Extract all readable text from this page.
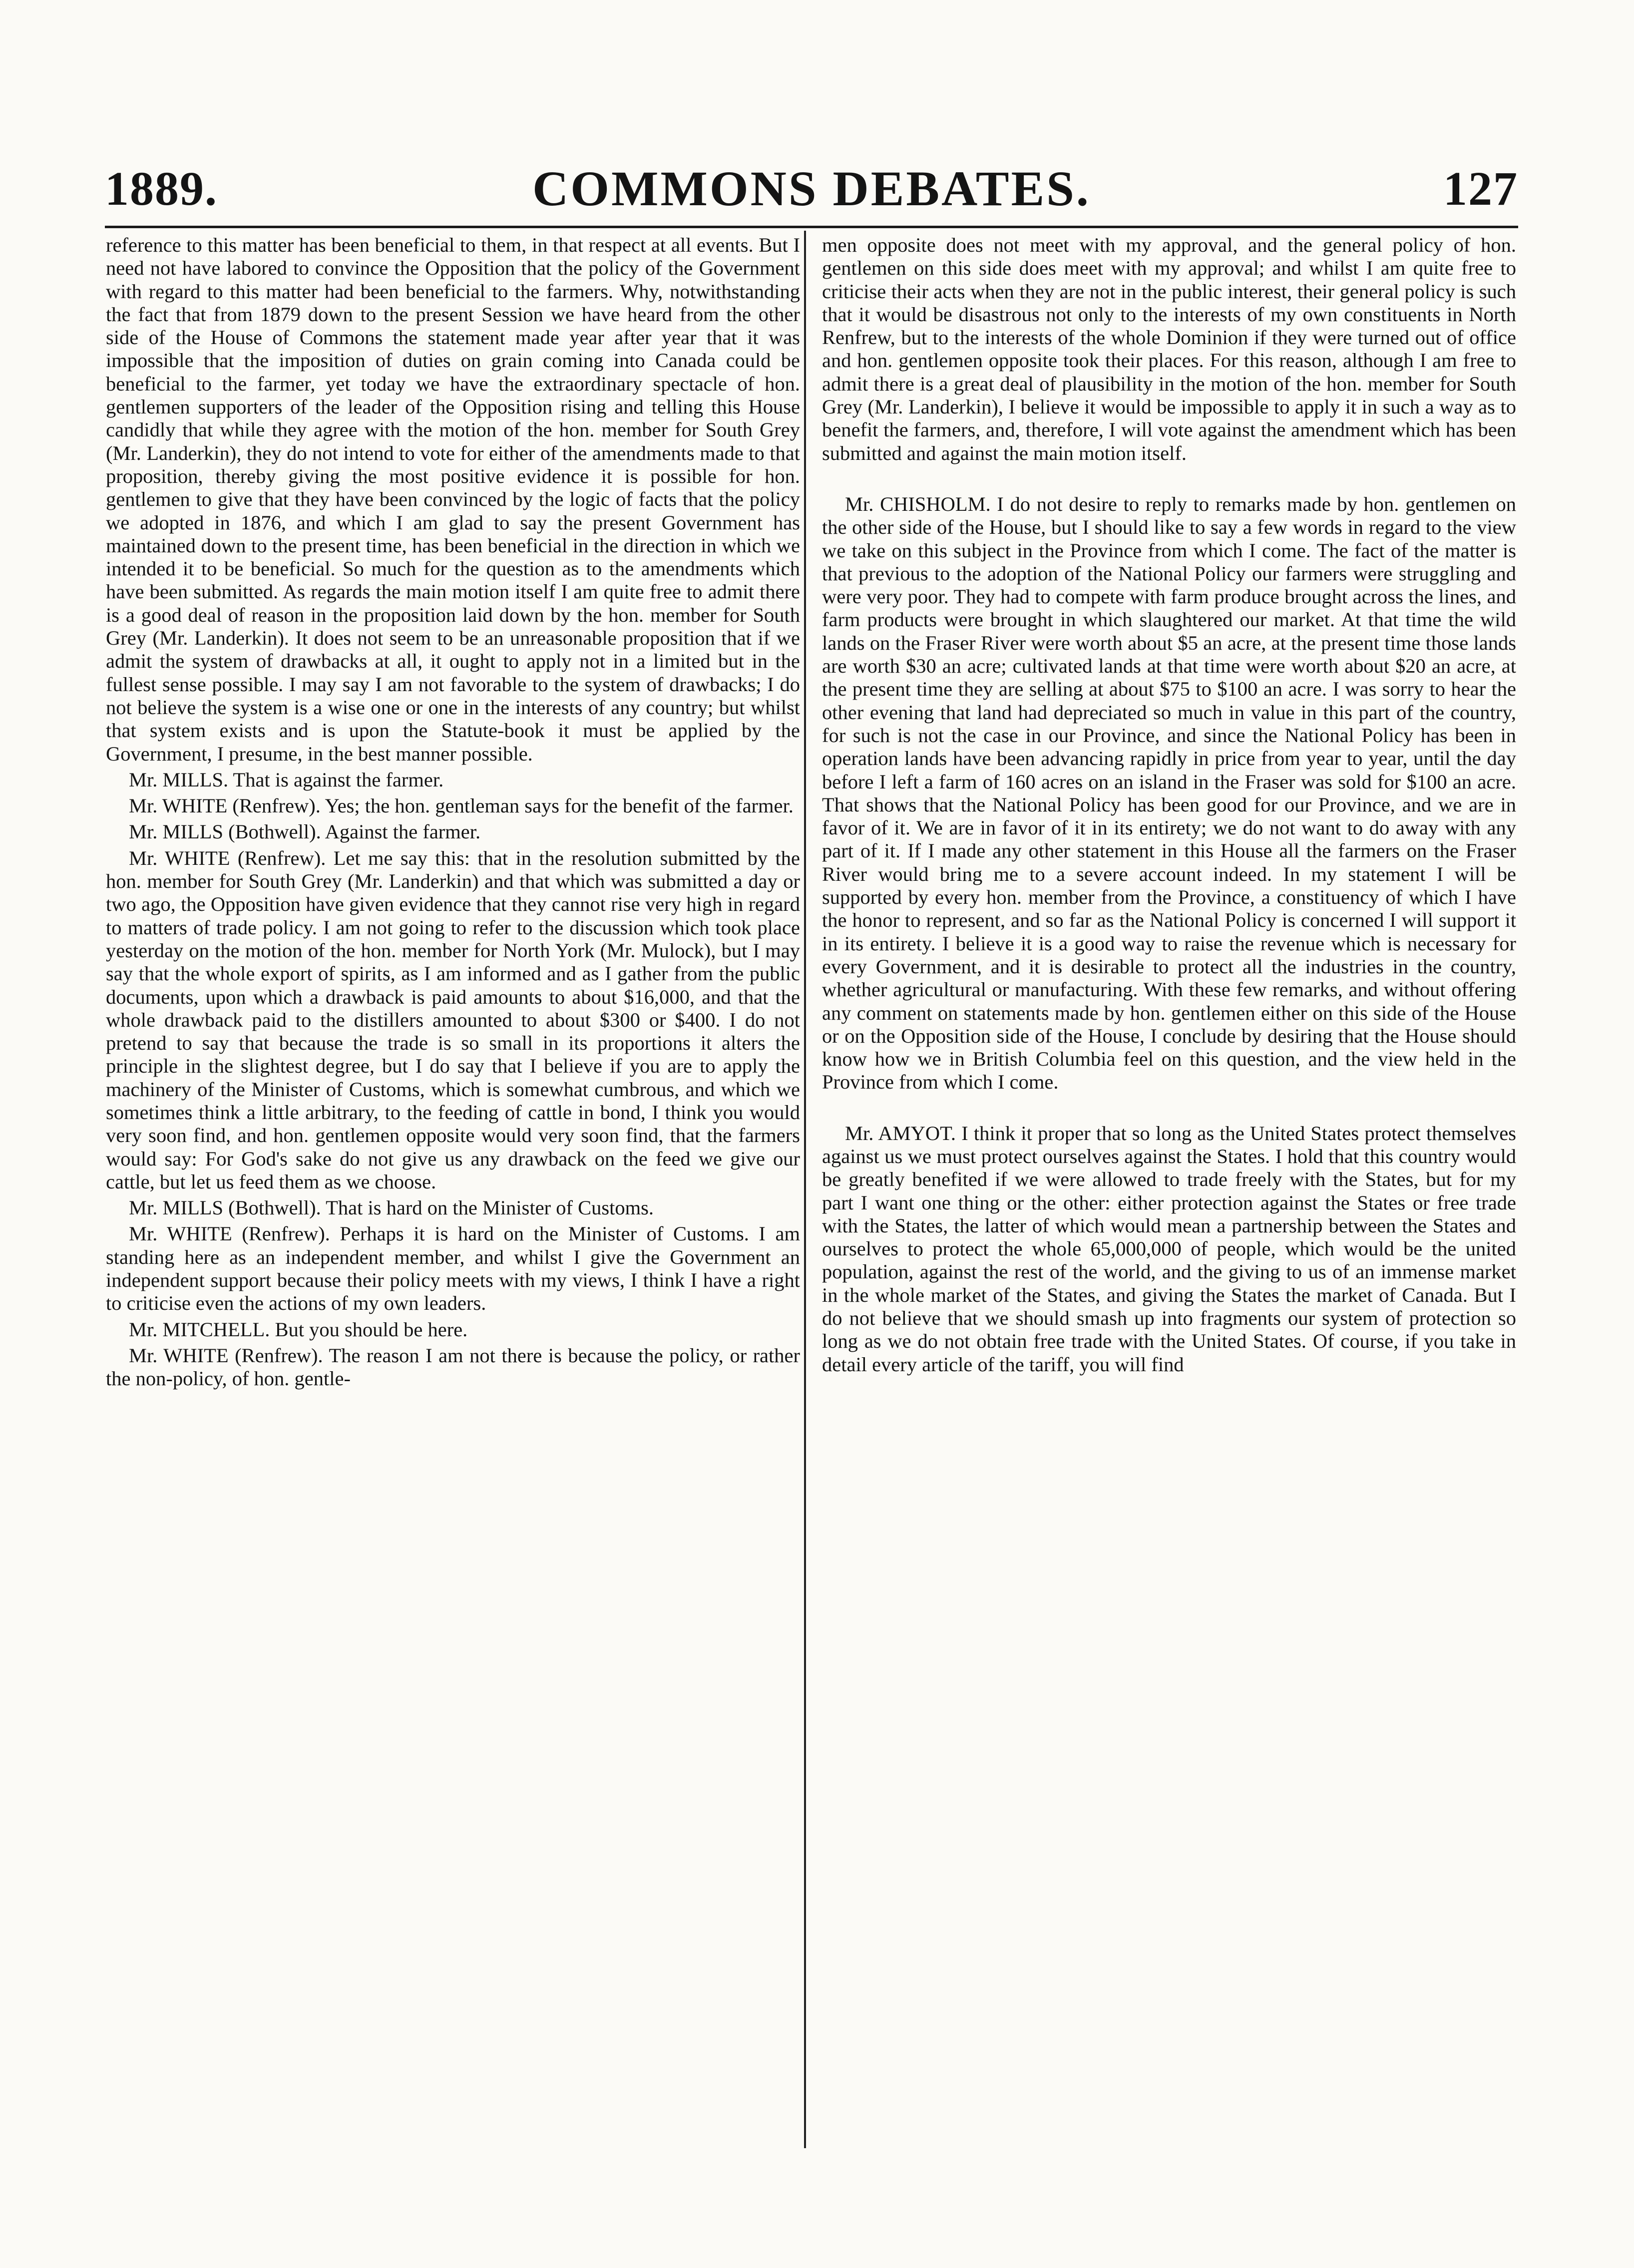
1889.	COMMONS DEBATES.	127

reference to this matter has been beneficial to them, in that respect at all events. But I need not have labored to convince the Opposition that the policy of the Government with regard to this matter had been beneficial to the farmers. Why, notwithstanding the fact that from 1879 down to the present Session we have heard from the other side of the House of Commons the statement made year after year that it was impossible that the imposition of duties on grain coming into Canada could be beneficial to the farmer, yet today we have the extraordinary spectacle of hon. gentlemen supporters of the leader of the Opposition rising and telling this House candidly that while they agree with the motion of the hon. member for South Grey (Mr. Landerkin), they do not intend to vote for either of the amendments made to that proposition, thereby giving the most positive evidence it is possible for hon. gentlemen to give that they have been convinced by the logic of facts that the policy we adopted in 1876, and which I am glad to say the present Government has maintained down to the present time, has been beneficial in the direction in which we intended it to be beneficial. So much for the question as to the amendments which have been submitted. As regards the main motion itself I am quite free to admit there is a good deal of reason in the proposition laid down by the hon. member for South Grey (Mr. Landerkin). It does not seem to be an unreasonable proposition that if we admit the system of drawbacks at all, it ought to apply not in a limited but in the fullest sense possible. I may say I am not favorable to the system of drawbacks; I do not believe the system is a wise one or one in the interests of any country; but whilst that system exists and is upon the Statute-book it must be applied by the Government, I presume, in the best manner possible.

Mr. MILLS. That is against the farmer.

Mr. WHITE (Renfrew). Yes; the hon. gentleman says for the benefit of the farmer.

Mr. MILLS (Bothwell). Against the farmer.

Mr. WHITE (Renfrew). Let me say this: that in the resolution submitted by the hon. member for South Grey (Mr. Landerkin) and that which was submitted a day or two ago, the Opposition have given evidence that they cannot rise very high in regard to matters of trade policy. I am not going to refer to the discussion which took place yesterday on the motion of the hon. member for North York (Mr. Mulock), but I may say that the whole export of spirits, as I am informed and as I gather from the public documents, upon which a drawback is paid amounts to about $16,000, and that the whole drawback paid to the distillers amounted to about $300 or $400. I do not pretend to say that because the trade is so small in its proportions it alters the principle in the slightest degree, but I do say that I believe if you are to apply the machinery of the Minister of Customs, which is somewhat cumbrous, and which we sometimes think a little arbitrary, to the feeding of cattle in bond, I think you would very soon find, and hon. gentlemen opposite would very soon find, that the farmers would say: For God's sake do not give us any drawback on the feed we give our cattle, but let us feed them as we choose.

Mr. MILLS (Bothwell). That is hard on the Minister of Customs.

Mr. WHITE (Renfrew). Perhaps it is hard on the Minister of Customs. I am standing here as an independent member, and whilst I give the Government an independent support because their policy meets with my views, I think I have a right to criticise even the actions of my own leaders.

Mr. MITCHELL. But you should be here.

Mr. WHITE (Renfrew). The reason I am not there is because the policy, or rather the non-policy, of hon. gentle-

men opposite does not meet with my approval, and the general policy of hon. gentlemen on this side does meet with my approval; and whilst I am quite free to criticise their acts when they are not in the public interest, their general policy is such that it would be disastrous not only to the interests of my own constituents in North Renfrew, but to the interests of the whole Dominion if they were turned out of office and hon. gentlemen opposite took their places. For this reason, although I am free to admit there is a great deal of plausibility in the motion of the hon. member for South Grey (Mr. Landerkin), I believe it would be impossible to apply it in such a way as to benefit the farmers, and, therefore, I will vote against the amendment which has been submitted and against the main motion itself.

Mr. CHISHOLM. I do not desire to reply to remarks made by hon. gentlemen on the other side of the House, but I should like to say a few words in regard to the view we take on this subject in the Province from which I come. The fact of the matter is that previous to the adoption of the National Policy our farmers were struggling and were very poor. They had to compete with farm produce brought across the lines, and farm products were brought in which slaughtered our market. At that time the wild lands on the Fraser River were worth about $5 an acre, at the present time those lands are worth $30 an acre; cultivated lands at that time were worth about $20 an acre, at the present time they are selling at about $75 to $100 an acre. I was sorry to hear the other evening that land had depreciated so much in value in this part of the country, for such is not the case in our Province, and since the National Policy has been in operation lands have been advancing rapidly in price from year to year, until the day before I left a farm of 160 acres on an island in the Fraser was sold for $100 an acre. That shows that the National Policy has been good for our Province, and we are in favor of it. We are in favor of it in its entirety; we do not want to do away with any part of it. If I made any other statement in this House all the farmers on the Fraser River would bring me to a severe account indeed. In my statement I will be supported by every hon. member from the Province, a constituency of which I have the honor to represent, and so far as the National Policy is concerned I will support it in its entirety. I believe it is a good way to raise the revenue which is necessary for every Government, and it is desirable to protect all the industries in the country, whether agricultural or manufacturing. With these few remarks, and without offering any comment on statements made by hon. gentlemen either on this side of the House or on the Opposition side of the House, I conclude by desiring that the House should know how we in British Columbia feel on this question, and the view held in the Province from which I come.

Mr. AMYOT. I think it proper that so long as the United States protect themselves against us we must protect ourselves against the States. I hold that this country would be greatly benefited if we were allowed to trade freely with the States, but for my part I want one thing or the other: either protection against the States or free trade with the States, the latter of which would mean a partnership between the States and ourselves to protect the whole 65,000,000 of people, which would be the united population, against the rest of the world, and the giving to us of an immense market in the whole market of the States, and giving the States the market of Canada. But I do not believe that we should smash up into fragments our system of protection so long as we do not obtain free trade with the United States. Of course, if you take in detail every article of the tariff, you will find
